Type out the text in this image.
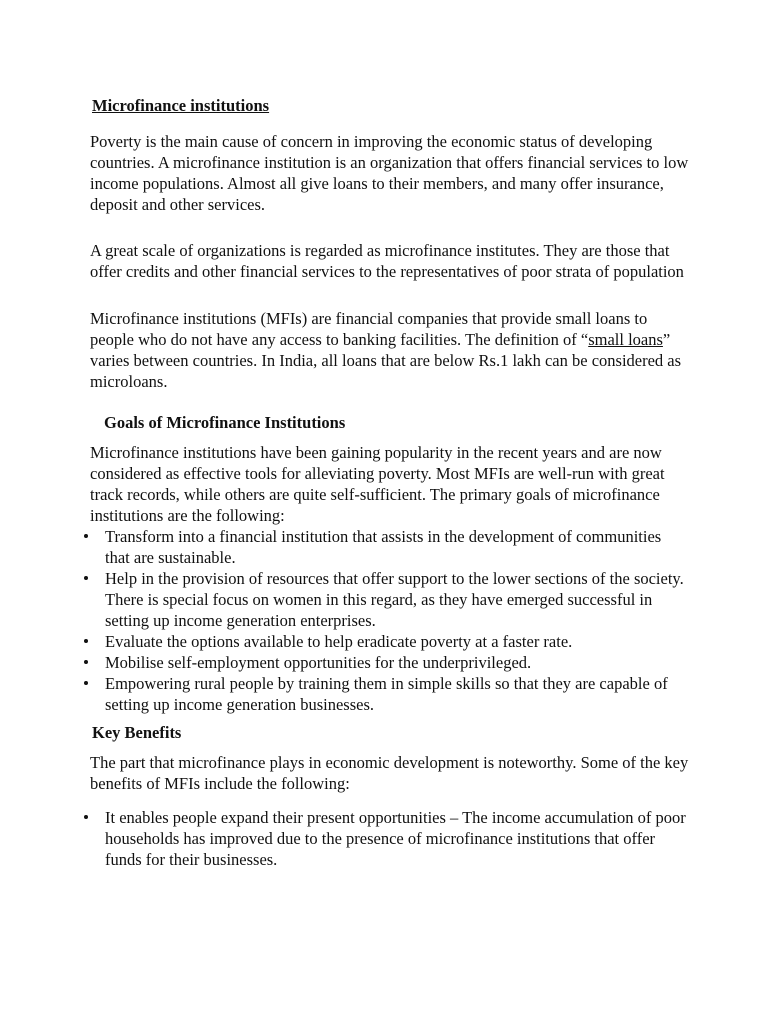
Microfinance institutions

Poverty is the main cause of concern in improving the economic status of developing countries. A microfinance institution is an organization that offers financial services to low income populations. Almost all give loans to their members, and many offer insurance, deposit and other services.

A great scale of organizations is regarded as microfinance institutes. They are those that offer credits and other financial services to the representatives of poor strata of population

Microfinance institutions (MFIs) are financial companies that provide small loans to people who do not have any access to banking facilities. The definition of “small loans” varies between countries. In India, all loans that are below Rs.1 lakh can be considered as microloans.

Goals of Microfinance Institutions

Microfinance institutions have been gaining popularity in the recent years and are now considered as effective tools for alleviating poverty. Most MFIs are well-run with great track records, while others are quite self-sufficient. The primary goals of microfinance institutions are the following:

Transform into a financial institution that assists in the development of communities that are sustainable.
Help in the provision of resources that offer support to the lower sections of the society. There is special focus on women in this regard, as they have emerged successful in setting up income generation enterprises.
Evaluate the options available to help eradicate poverty at a faster rate.
Mobilise self-employment opportunities for the underprivileged.
Empowering rural people by training them in simple skills so that they are capable of setting up income generation businesses.
Key Benefits

The part that microfinance plays in economic development is noteworthy. Some of the key benefits of MFIs include the following:

It enables people expand their present opportunities – The income accumulation of poor households has improved due to the presence of microfinance institutions that offer funds for their businesses.
